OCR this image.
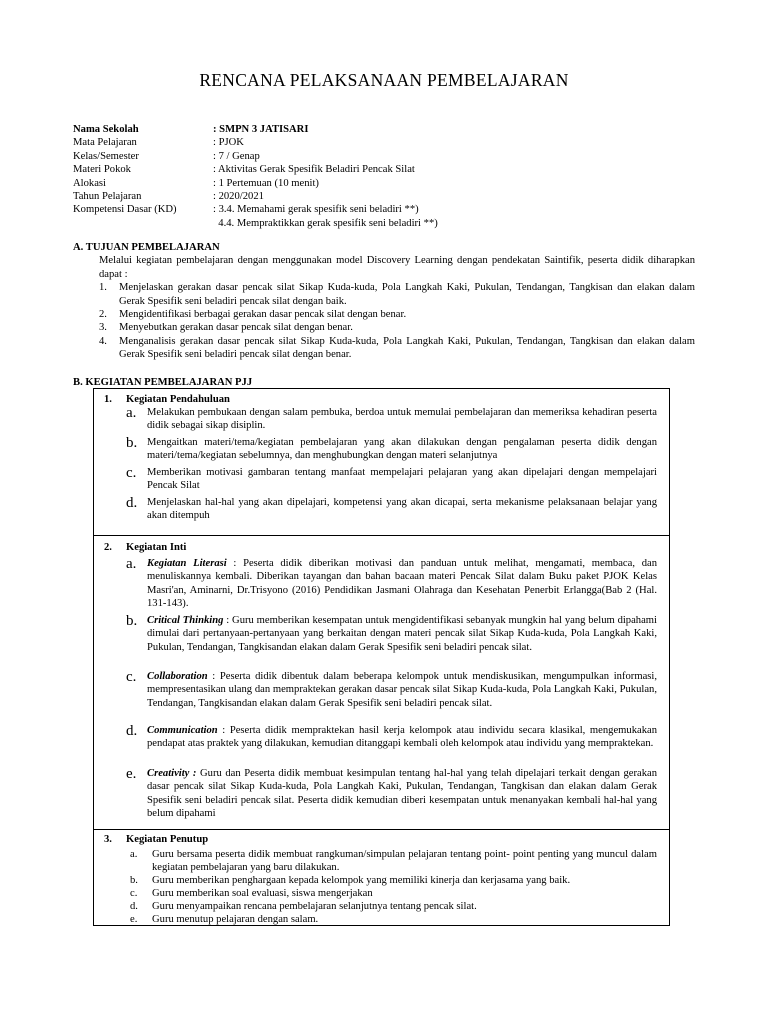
RENCANA PELAKSANAAN PEMBELAJARAN
Nama Sekolah	: SMPN 3 JATISARI
Mata Pelajaran	: PJOK
Kelas/Semester	: 7 / Genap
Materi Pokok	: Aktivitas Gerak Spesifik Beladiri Pencak Silat
Alokasi	: 1 Pertemuan (10 menit)
Tahun Pelajaran	: 2020/2021
Kompetensi Dasar (KD)	: 3.4. Memahami gerak spesifik seni beladiri **)
4.4. Mempraktikkan gerak spesifik seni beladiri **)
A. TUJUAN PEMBELAJARAN
Melalui kegiatan pembelajaran dengan menggunakan model Discovery Learning dengan pendekatan Saintifik, peserta didik diharapkan dapat :
1.	Menjelaskan gerakan dasar pencak silat Sikap Kuda-kuda, Pola Langkah Kaki, Pukulan, Tendangan, Tangkisan dan elakan dalam Gerak Spesifik seni beladiri pencak silat dengan baik.
2.	Mengidentifikasi berbagai gerakan dasar pencak silat dengan benar.
3.	Menyebutkan gerakan dasar pencak silat dengan benar.
4.	Menganalisis gerakan dasar pencak silat Sikap Kuda-kuda, Pola Langkah Kaki, Pukulan, Tendangan, Tangkisan dan elakan dalam Gerak Spesifik seni beladiri pencak silat dengan benar.
B. KEGIATAN PEMBELAJARAN PJJ
1.	Kegiatan Pendahuluan
a. Melakukan pembukaan dengan salam pembuka, berdoa untuk memulai pembelajaran dan memeriksa kehadiran peserta didik sebagai sikap disiplin.
b. Mengaitkan materi/tema/kegiatan pembelajaran yang akan dilakukan dengan pengalaman peserta didik dengan materi/tema/kegiatan sebelumnya, dan menghubungkan dengan materi selanjutnya
c. Memberikan motivasi gambaran tentang manfaat mempelajari pelajaran yang akan dipelajari dengan mempelajari Pencak Silat
d. Menjelaskan hal-hal yang akan dipelajari, kompetensi yang akan dicapai, serta mekanisme pelaksanaan belajar yang akan ditempuh
2.	Kegiatan Inti
a. Kegiatan Literasi : Peserta didik diberikan motivasi dan panduan untuk melihat, mengamati, membaca, dan menuliskannya kembali. Diberikan tayangan dan bahan bacaan materi Pencak Silat dalam Buku paket PJOK Kelas Masri'an, Aminarni, Dr.Trisyono (2016) Pendidikan Jasmani Olahraga dan Kesehatan Penerbit Erlangga(Bab 2 (Hal. 131-143).
b. Critical Thinking : Guru memberikan kesempatan untuk mengidentifikasi sebanyak mungkin hal yang belum dipahami dimulai dari pertanyaan-pertanyaan yang berkaitan dengan materi pencak silat Sikap Kuda-kuda, Pola Langkah Kaki, Pukulan, Tendangan, Tangkisandan elakan dalam Gerak Spesifik seni beladiri pencak silat.
c. Collaboration : Peserta didik dibentuk dalam beberapa kelompok untuk mendiskusikan, mengumpulkan informasi, mempresentasikan ulang dan mempraktekan gerakan dasar pencak silat Sikap Kuda-kuda, Pola Langkah Kaki, Pukulan, Tendangan, Tangkisandan elakan dalam Gerak Spesifik seni beladiri pencak silat.
d. Communication : Peserta didik mempraktekan hasil kerja kelompok atau individu secara klasikal, mengemukakan pendapat atas praktek yang dilakukan, kemudian ditanggapi kembali oleh kelompok atau individu yang mempraktekan.
e. Creativity : Guru dan Peserta didik membuat kesimpulan tentang hal-hal yang telah dipelajari terkait dengan gerakan dasar pencak silat Sikap Kuda-kuda, Pola Langkah Kaki, Pukulan, Tendangan, Tangkisan dan elakan dalam Gerak Spesifik seni beladiri pencak silat. Peserta didik kemudian diberi kesempatan untuk menanyakan kembali hal-hal yang belum dipahami
3.	Kegiatan Penutup
a.	Guru bersama peserta didik membuat rangkuman/simpulan pelajaran tentang point- point penting yang muncul dalam kegiatan pembelajaran yang baru dilakukan.
b.	Guru memberikan penghargaan kepada kelompok yang memiliki kinerja dan kerjasama yang baik.
c.	Guru memberikan soal evaluasi, siswa mengerjakan
d.	Guru menyampaikan rencana pembelajaran selanjutnya tentang pencak silat.
e.	Guru menutup pelajaran dengan salam.
